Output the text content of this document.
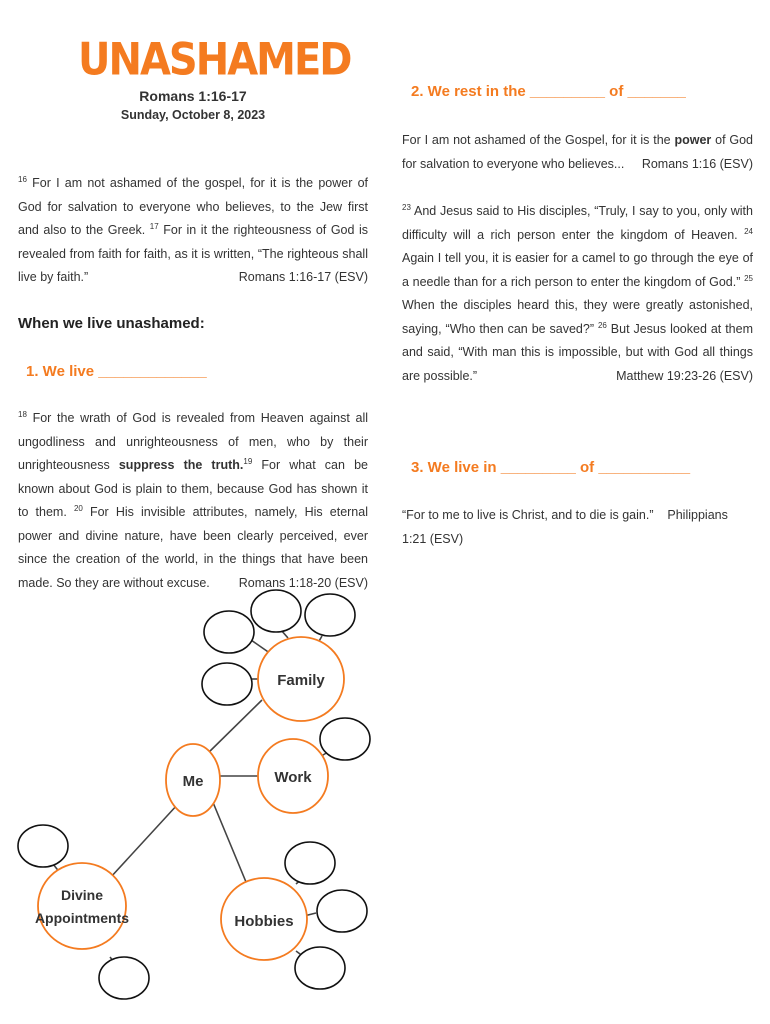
UNASHAMED
Romans 1:16-17
Sunday, October 8, 2023
$^{16}$ For I am not ashamed of the gospel, for it is the power of God for salvation to everyone who believes, to the Jew first and also to the Greek. $^{17}$ For in it the righteousness of God is revealed from faith for faith, as it is written, “The righteous shall live by faith.”	Romans 1:16-17 (ESV)
When we live unashamed:
1. We live _____________
$^{18}$ For the wrath of God is revealed from Heaven against all ungodliness and unrighteousness of men, who by their unrighteousness suppress the truth.$^{19}$ For what can be known about God is plain to them, because God has shown it to them. $^{20}$ For His invisible attributes, namely, His eternal power and divine nature, have been clearly perceived, ever since the creation of the world, in the things that have been made. So they are without excuse. Romans 1:18-20 (ESV)
2. We rest in the _________ of _______
For I am not ashamed of the Gospel, for it is the power of God for salvation to everyone who believes... Romans 1:16 (ESV)
$^{23}$ And Jesus said to His disciples, “Truly, I say to you, only with difficulty will a rich person enter the kingdom of Heaven. $^{24}$ Again I tell you, it is easier for a camel to go through the eye of a needle than for a rich person to enter the kingdom of God.” $^{25}$ When the disciples heard this, they were greatly astonished, saying, “Who then can be saved?” $^{26}$ But Jesus looked at them and said, “With man this is impossible, but with God all things are possible.”	Matthew 19:23-26 (ESV)
3. We live in _________ of ___________
“For to me to live is Christ, and to die is gain.” Philippians 1:21 (ESV)
Me
Family
Work
Hobbies
Divine
Appointments
